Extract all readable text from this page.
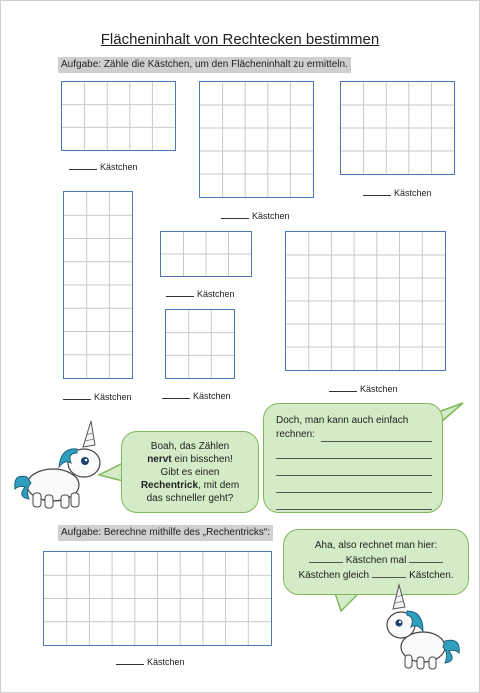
Flächeninhalt von Rechtecken bestimmen
Aufgabe: Zähle die Kästchen, um den Flächeninhalt zu ermitteln.
Kästchen
Kästchen
Kästchen
Kästchen
Kästchen
Kästchen
Kästchen
Kästchen
Boah, das Zählen
nervt ein bisschen!
Gibt es einen
Rechentrick, mit dem
das schneller geht?
Doch, man kann auch einfach
rechnen:
Aufgabe: Berechne mithilfe des „Rechentricks“:
Aha, also rechnet man hier:
Kästchen mal
Kästchen gleich	Kästchen.
